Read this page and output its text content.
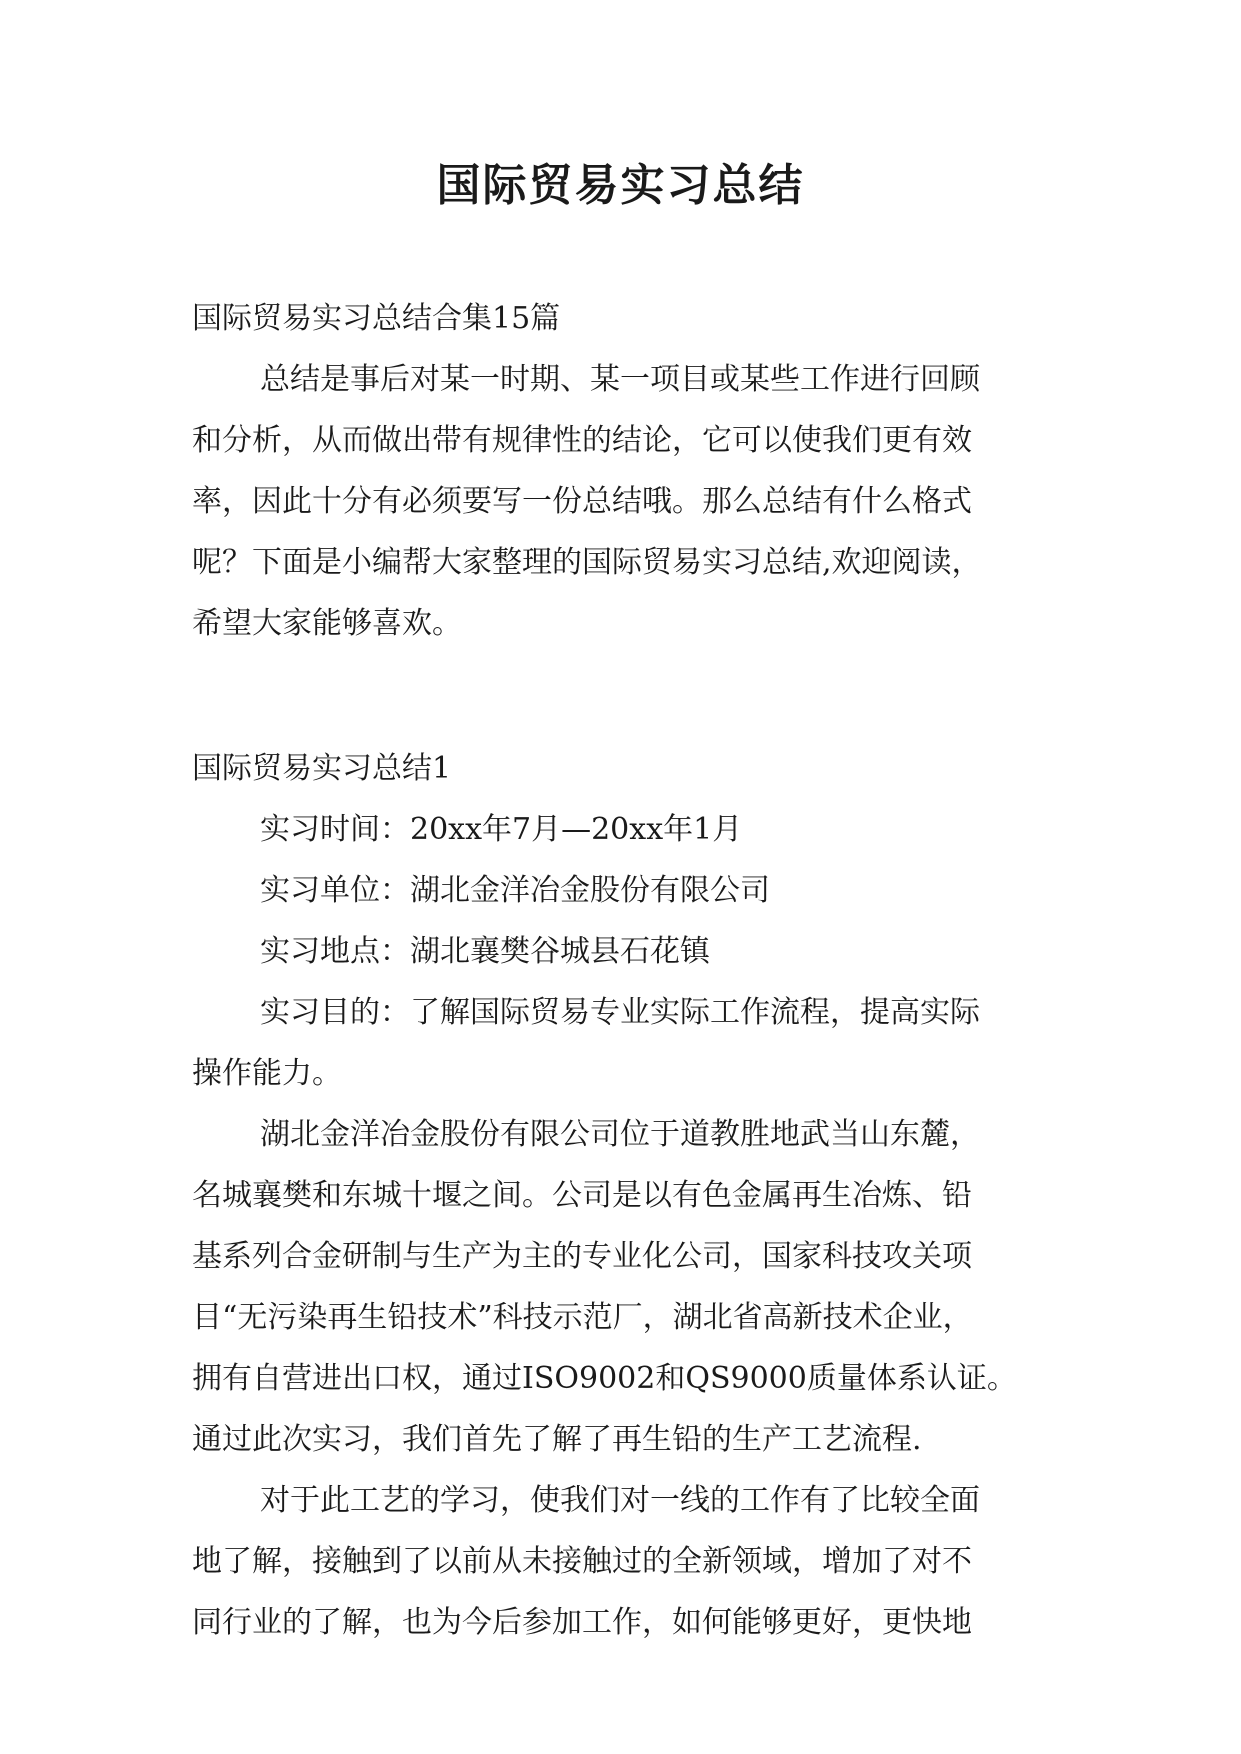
国际贸易实习总结

国际贸易实习总结合集15篇

总结是事后对某一时期、某一项目或某些工作进行回顾

和分析，从而做出带有规律性的结论，它可以使我们更有效

率，因此十分有必须要写一份总结哦。那么总结有什么格式

呢？下面是小编帮大家整理的国际贸易实习总结,欢迎阅读，

希望大家能够喜欢。

国际贸易实习总结1

实习时间：20xx年7月—20xx年1月

实习单位：湖北金洋冶金股份有限公司

实习地点：湖北襄樊谷城县石花镇

实习目的：了解国际贸易专业实际工作流程，提高实际

操作能力。

湖北金洋冶金股份有限公司位于道教胜地武当山东麓，

名城襄樊和东城十堰之间。公司是以有色金属再生冶炼、铅

基系列合金研制与生产为主的专业化公司，国家科技攻关项

目“无污染再生铅技术”科技示范厂，湖北省高新技术企业，

拥有自营进出口权，通过ISO9002和QS9000质量体系认证。

通过此次实习，我们首先了解了再生铅的生产工艺流程.

对于此工艺的学习，使我们对一线的工作有了比较全面

地了解，接触到了以前从未接触过的全新领域，增加了对不

同行业的了解，也为今后参加工作，如何能够更好，更快地
